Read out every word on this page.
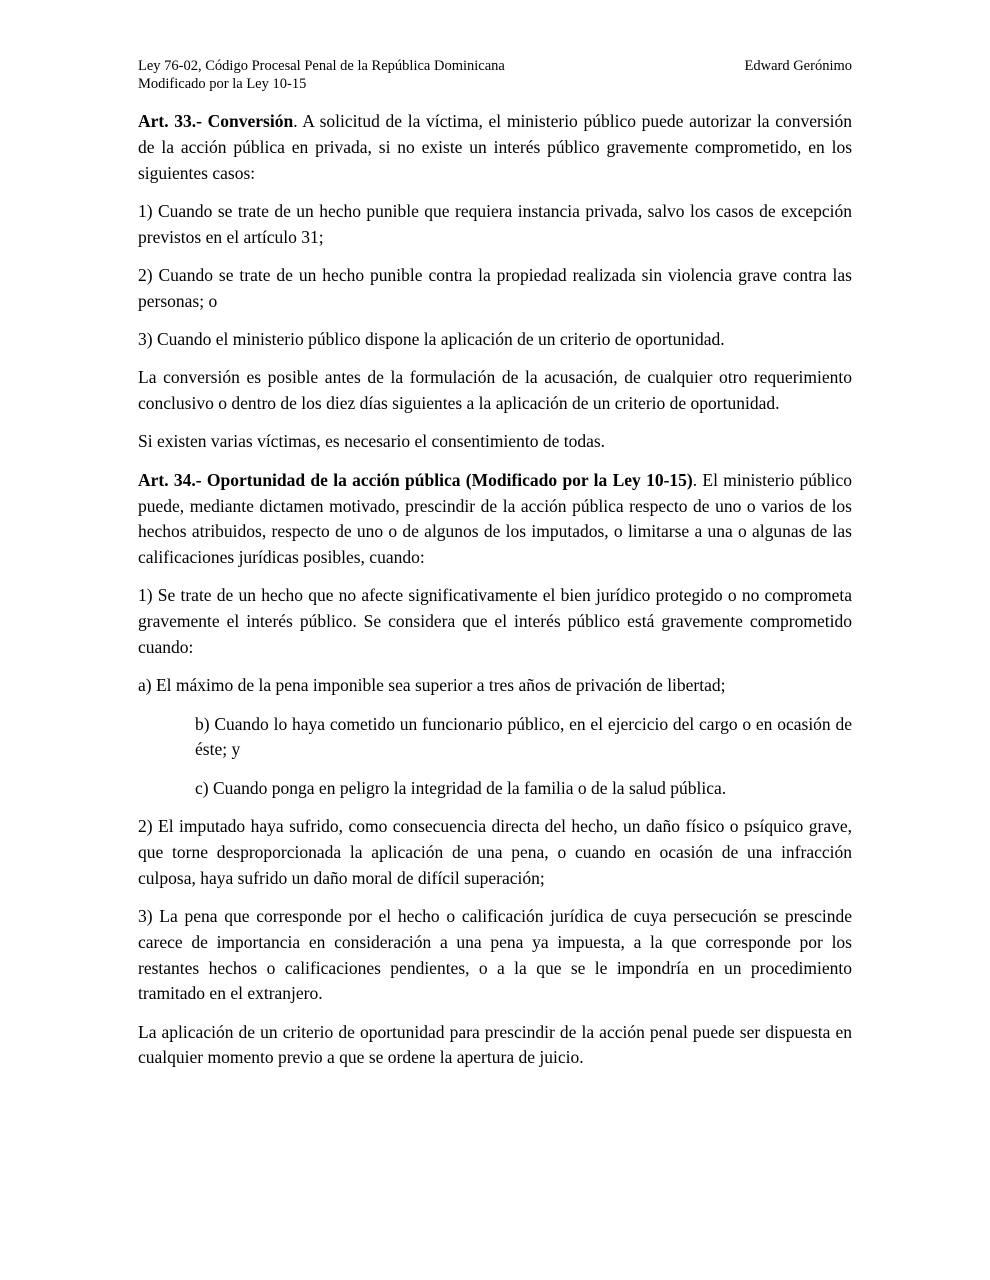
Ley 76-02, Código Procesal Penal de la República Dominicana
Modificado por la Ley 10-15
Edward Gerónimo

Art. 33.- Conversión. A solicitud de la víctima, el ministerio público puede autorizar la conversión de la acción pública en privada, si no existe un interés público gravemente comprometido, en los siguientes casos:

1) Cuando se trate de un hecho punible que requiera instancia privada, salvo los casos de excepción previstos en el artículo 31;

2) Cuando se trate de un hecho punible contra la propiedad realizada sin violencia grave contra las personas; o

3) Cuando el ministerio público dispone la aplicación de un criterio de oportunidad.

La conversión es posible antes de la formulación de la acusación, de cualquier otro requerimiento conclusivo o dentro de los diez días siguientes a la aplicación de un criterio de oportunidad.

Si existen varias víctimas, es necesario el consentimiento de todas.

Art. 34.- Oportunidad de la acción pública (Modificado por la Ley 10-15). El ministerio público puede, mediante dictamen motivado, prescindir de la acción pública respecto de uno o varios de los hechos atribuidos, respecto de uno o de algunos de los imputados, o limitarse a una o algunas de las calificaciones jurídicas posibles, cuando:

1) Se trate de un hecho que no afecte significativamente el bien jurídico protegido o no comprometa gravemente el interés público. Se considera que el interés público está gravemente comprometido cuando:

a) El máximo de la pena imponible sea superior a tres años de privación de libertad;

b) Cuando lo haya cometido un funcionario público, en el ejercicio del cargo o en ocasión de éste; y

c) Cuando ponga en peligro la integridad de la familia o de la salud pública.

2) El imputado haya sufrido, como consecuencia directa del hecho, un daño físico o psíquico grave, que torne desproporcionada la aplicación de una pena, o cuando en ocasión de una infracción culposa, haya sufrido un daño moral de difícil superación;

3) La pena que corresponde por el hecho o calificación jurídica de cuya persecución se prescinde carece de importancia en consideración a una pena ya impuesta, a la que corresponde por los restantes hechos o calificaciones pendientes, o a la que se le impondría en un procedimiento tramitado en el extranjero.

La aplicación de un criterio de oportunidad para prescindir de la acción penal puede ser dispuesta en cualquier momento previo a que se ordene la apertura de juicio.
